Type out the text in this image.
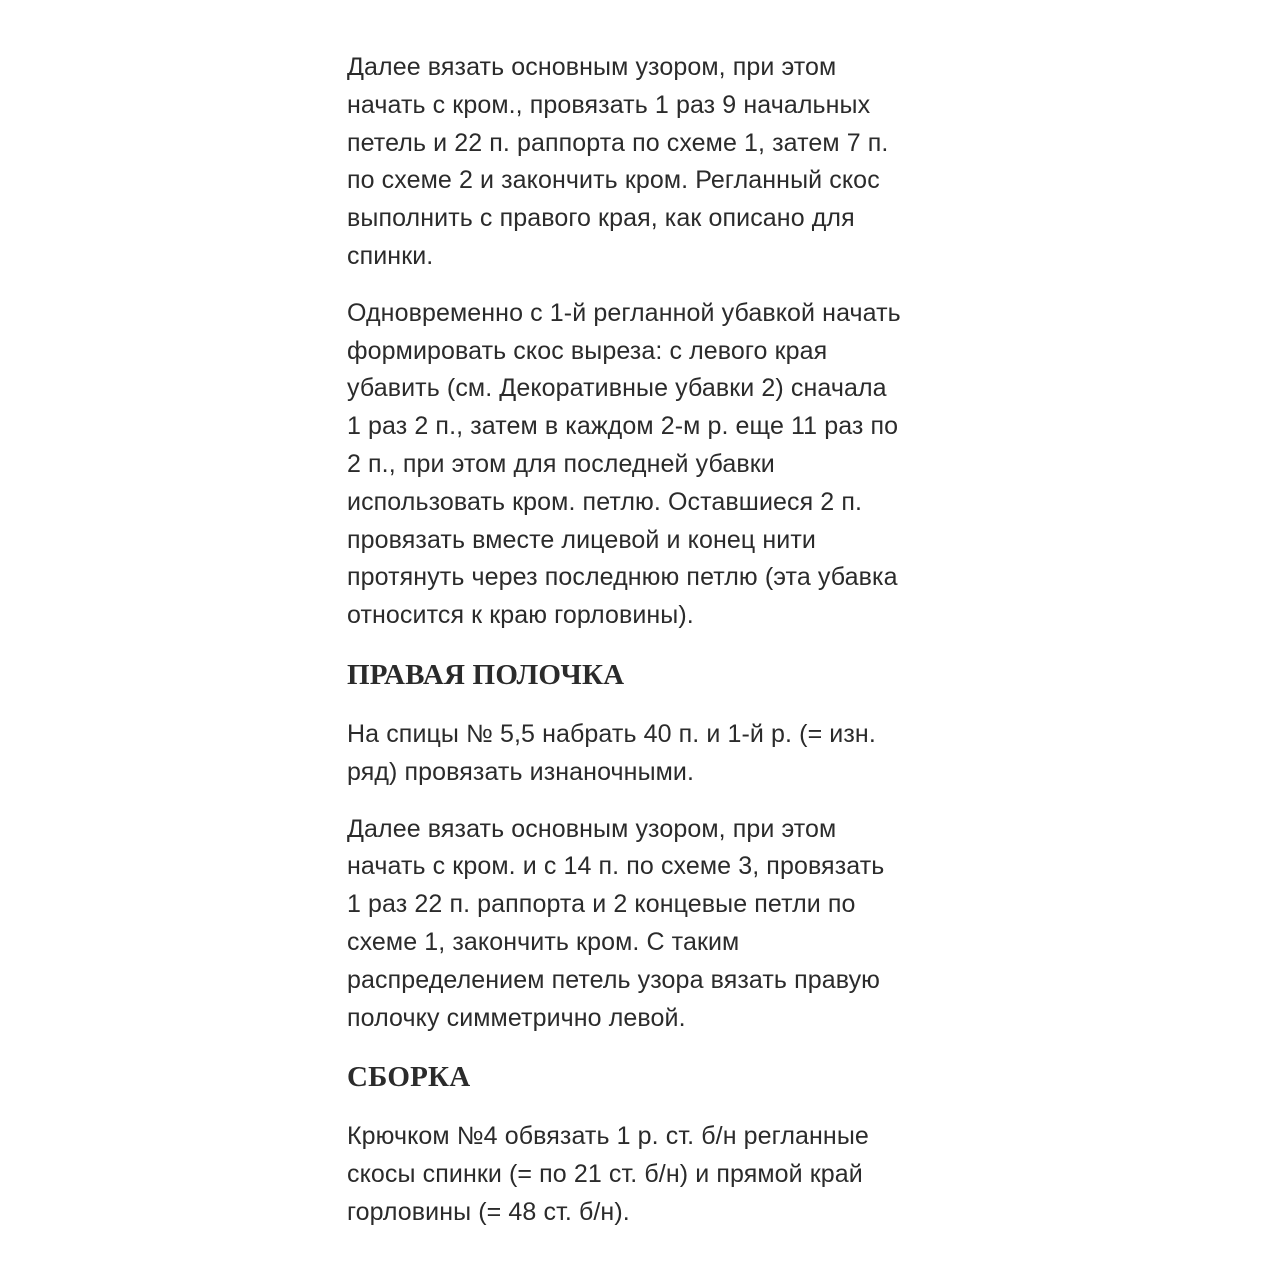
Далее вязать основным узором, при этом
начать с кром., провязать 1 раз 9 начальных
петель и 22 п. раппорта по схеме 1, затем 7 п.
по схеме 2 и закончить кром. Регланный скос
выполнить с правого края, как описано для
спинки.

Одновременно с 1-й регланной убавкой начать
формировать скос выреза: с левого края
убавить (см. Декоративные убавки 2) сначала
1 раз 2 п., затем в каждом 2-м р. еще 11 раз по
2 п., при этом для последней убавки
использовать кром. петлю. Оставшиеся 2 п.
провязать вместе лицевой и конец нити
протянуть через последнюю петлю (эта убавка
относится к краю горловины).

ПРАВАЯ ПОЛОЧКА

На спицы № 5,5 набрать 40 п. и 1-й р. (= изн.
ряд) провязать изнаночными.

Далее вязать основным узором, при этом
начать с кром. и с 14 п. по схеме 3, провязать
1 раз 22 п. раппорта и 2 концевые петли по
схеме 1, закончить кром. С таким
распределением петель узора вязать правую
полочку симметрично левой.

СБОРКА

Крючком №4 обвязать 1 р. ст. б/н регланные
скосы спинки (= по 21 ст. б/н) и прямой край
горловины (= 48 ст. б/н).
